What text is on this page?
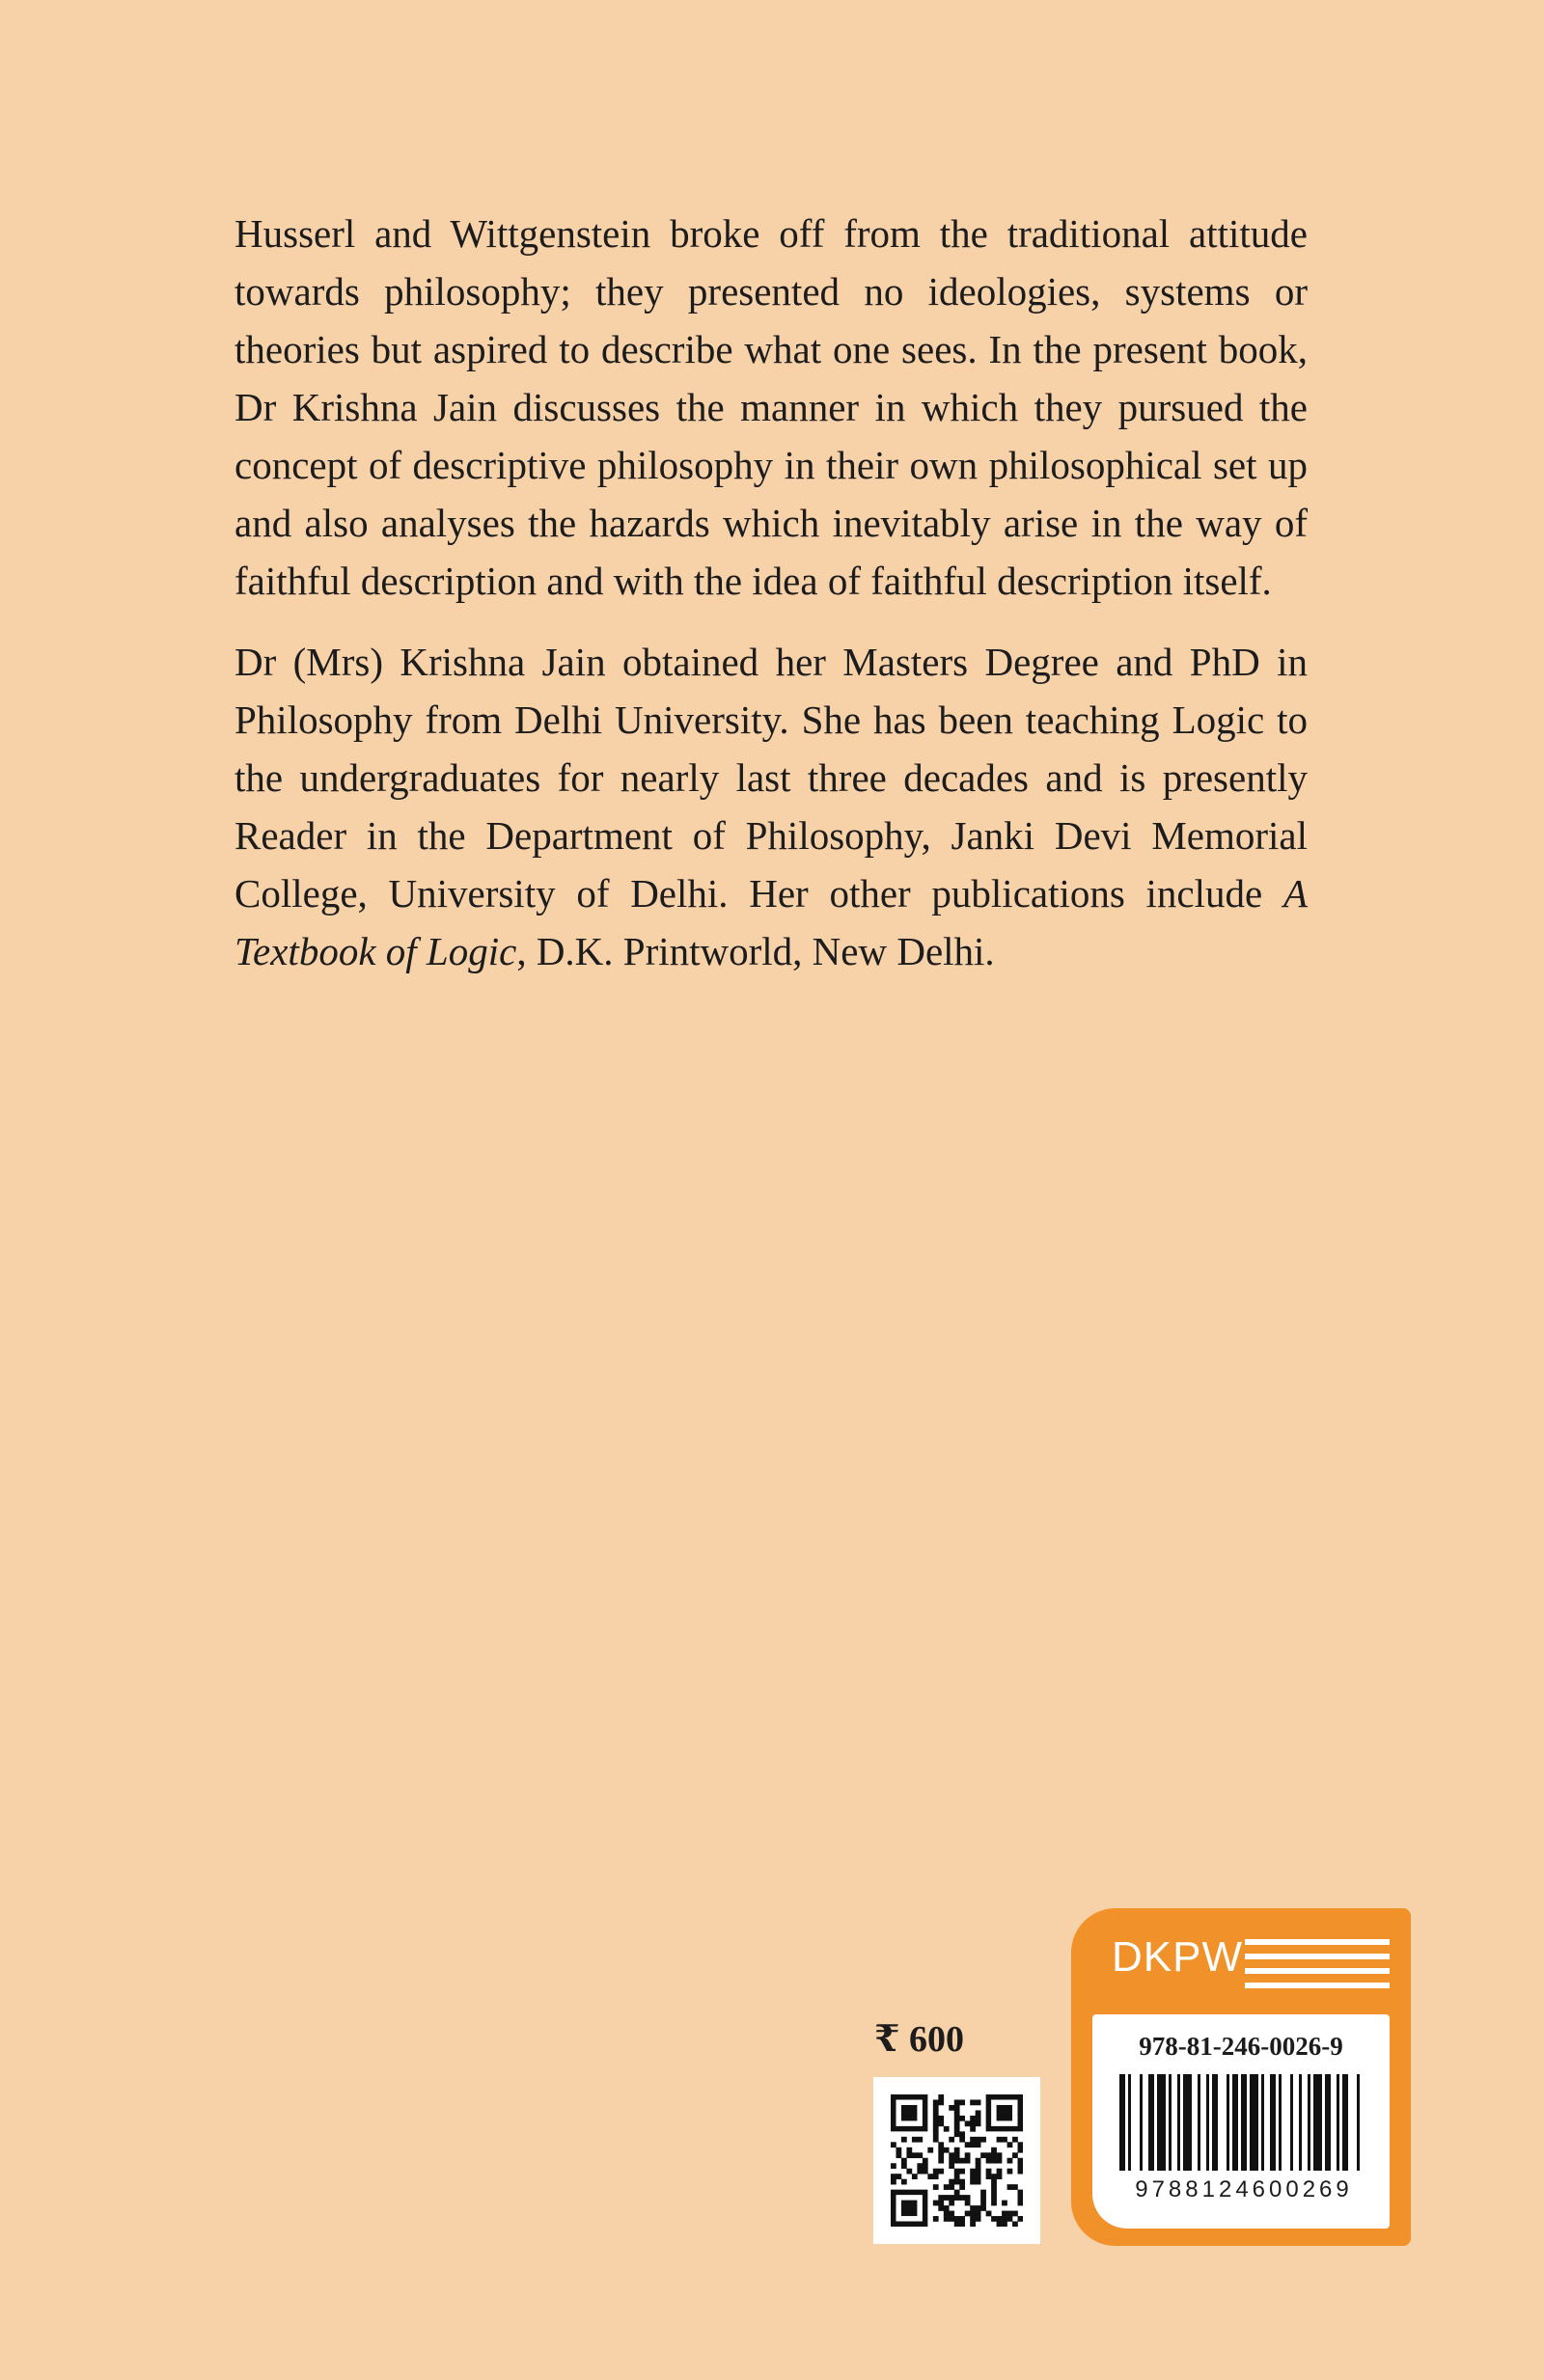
Husserl and Wittgenstein broke off from the traditional attitude towards philosophy; they presented no ideologies, systems or theories but aspired to describe what one sees. In the present book, Dr Krishna Jain discusses the manner in which they pursued the concept of descriptive philosophy in their own philosophical set up and also analyses the hazards which inevitably arise in the way of faithful description and with the idea of faithful description itself.

Dr (Mrs) Krishna Jain obtained her Masters Degree and PhD in Philosophy from Delhi University. She has been teaching Logic to the undergraduates for nearly last three decades and is presently Reader in the Department of Philosophy, Janki Devi Memorial College, University of Delhi. Her other publications include A Textbook of Logic, D.K. Printworld, New Delhi.

₹ 600
DKPW
978-81-246-0026-9
9788124600269
